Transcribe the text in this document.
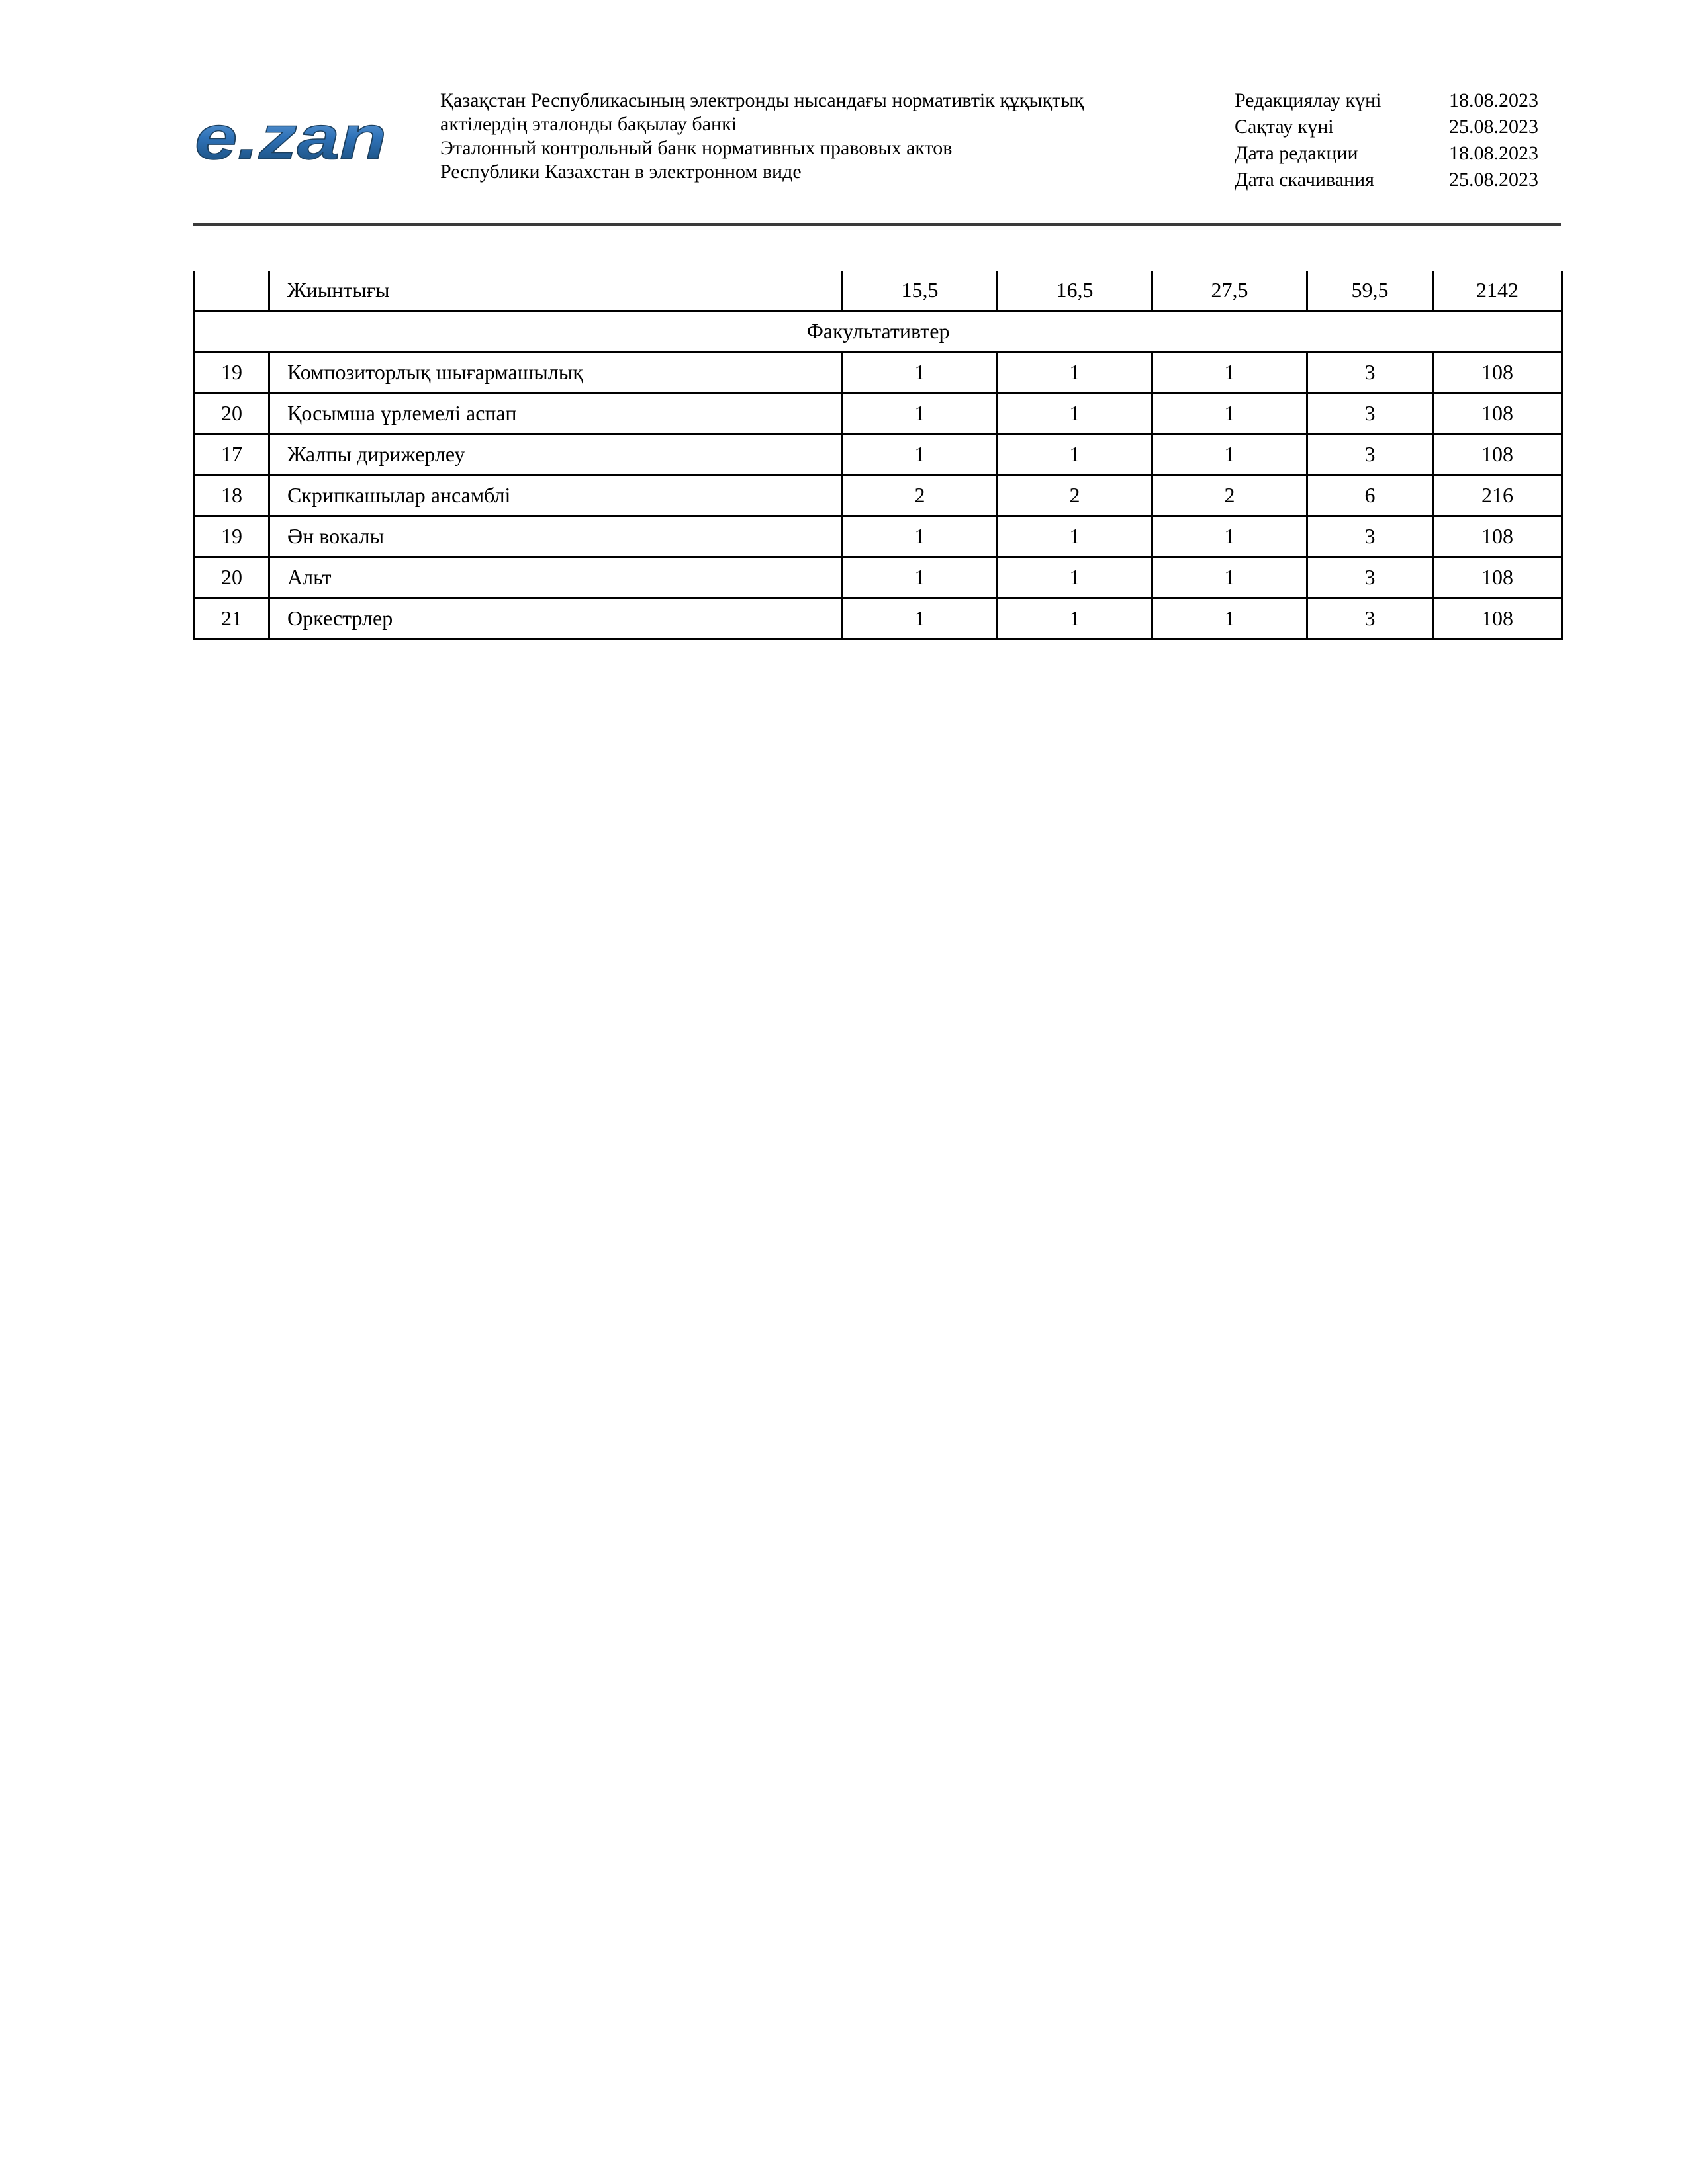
e.zan
Қазақстан Республикасының электронды нысандағы нормативтік құқықтық
актілердің эталонды бақылау банкі
Эталонный контрольный банк нормативных правовых актов
Республики Казахстан в электронном виде
Редакциялау күні	18.08.2023
Сақтау күні	25.08.2023
Дата редакции	18.08.2023
Дата скачивания	25.08.2023
	Жиынтығы	15,5	16,5	27,5	59,5	2142
Факультативтер						
19	Композиторлық шығармашылық	1	1	1	3	108
20	Қосымша үрлемелі аспап	1	1	1	3	108
17	Жалпы дирижерлеу	1	1	1	3	108
18	Скрипкашылар ансамблі	2	2	2	6	216
19	Ән вокалы	1	1	1	3	108
20	Альт	1	1	1	3	108
21	Оркестрлер	1	1	1	3	108
